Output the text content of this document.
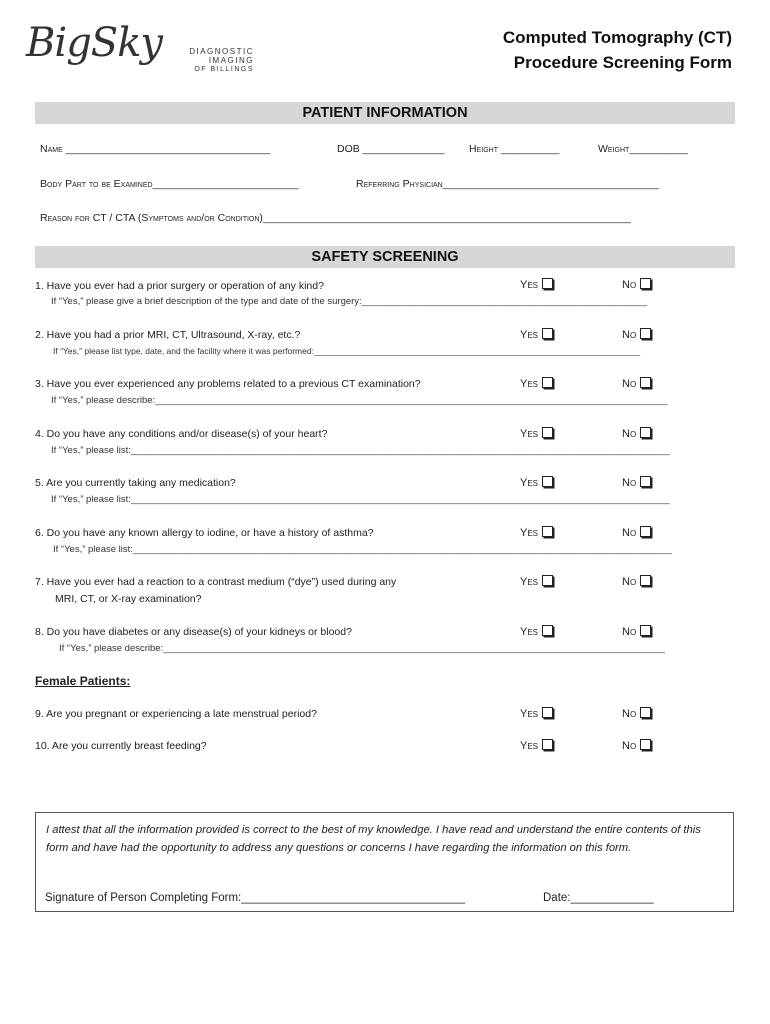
BigSky	DIAGNOSTIC IMAGING
OF BILLINGS
Computed Tomography (CT)
Procedure Screening Form
PATIENT INFORMATION
Name ___________________________________	DOB ______________ Height __________	Weight__________
Body Part to be Examined_________________________	Referring Physician_____________________________________
Reason for CT / CTA (Symptoms and/or Condition)_______________________________________________________________
SAFETY SCREENING
1. Have you ever had a prior surgery or operation of any kind?
If “Yes,” please give a brief description of the type and date of the surgery:______________________________________________________
Yes	No
2. Have you had a prior MRI, CT, Ultrasound, X-ray, etc.?
If “Yes,” please list type, date, and the facility where it was performed:_____________________________________________________________________
Yes	No
3. Have you ever experienced any problems related to a previous CT examination?
If “Yes,” please describe:_________________________________________________________________________________________________
Yes	No
4. Do you have any conditions and/or disease(s) of your heart?
If “Yes,” please list:______________________________________________________________________________________________________
Yes	No
5. Are you currently taking any medication?
If “Yes,” please list:______________________________________________________________________________________________________
Yes	No
6. Do you have any known allergy to iodine, or have a history of asthma?
If “Yes,” please list:______________________________________________________________________________________________________
Yes	No
7. Have you ever had a reaction to a contrast medium (“dye”) used during any
MRI, CT, or X-ray examination?
Yes	No
8. Do you have diabetes or any disease(s) of your kidneys or blood?
If “Yes,” please describe:_______________________________________________________________________________________________
Yes	No
Female Patients:
9. Are you pregnant or experiencing a late menstrual period?	Yes	No
10. Are you currently breast feeding?	Yes	No
I attest that all the information provided is correct to the best of my knowledge. I have read and understand the entire contents of this form and have had the opportunity to address any questions or concerns I have regarding the information on this form.
Signature of Person Completing Form:___________________________________	Date:_____________
